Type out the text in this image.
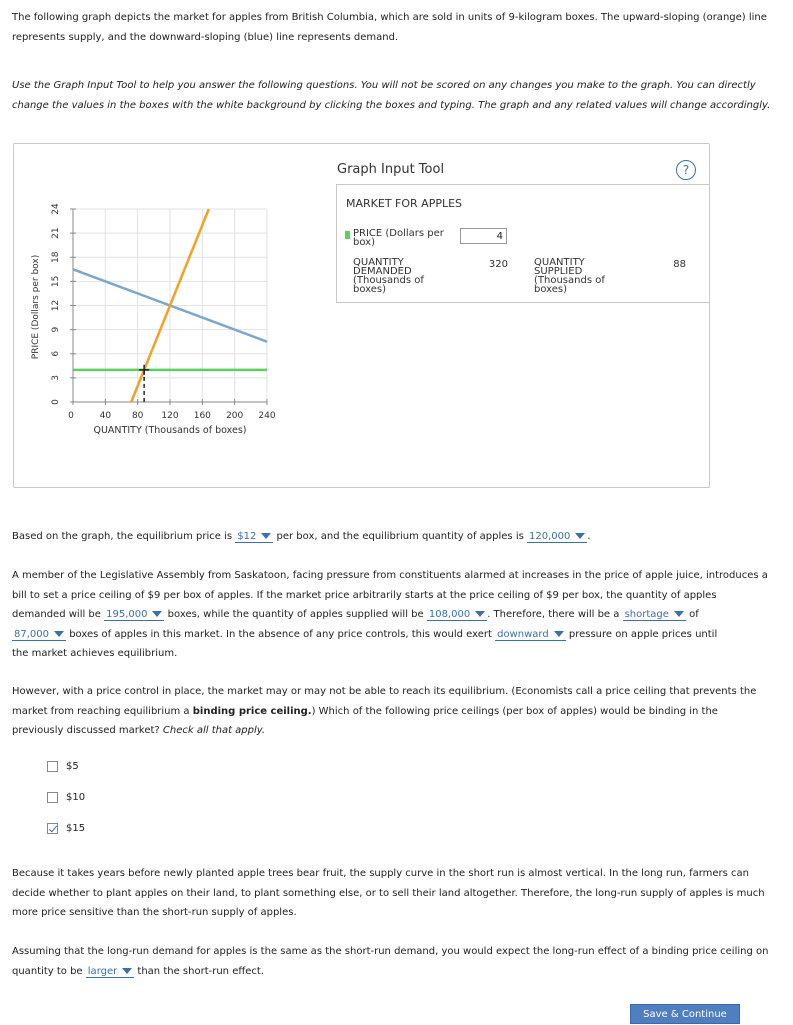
The following graph depicts the market for apples from British Columbia, which are sold in units of 9-kilogram boxes. The upward-sloping (orange) line
represents supply, and the downward-sloping (blue) line represents demand.
Use the Graph Input Tool to help you answer the following questions. You will not be scored on any changes you make to the graph. You can directly
change the values in the boxes with the white background by clicking the boxes and typing. The graph and any related values will change accordingly.
0	40 80 120 160 200 240
0
3
6
9
12
15
18
21
24
QUANTITY (Thousands of boxes)
PRICE (Dollars per box)
Graph Input Tool	?
MARKET FOR APPLES
PRICE (Dollars per
box)
4
QUANTITY
DEMANDED
(Thousands of
boxes)
320	QUANTITY
SUPPLIED
(Thousands of
boxes)
88
Based on the graph, the equilibrium price is $12 per box, and the equilibrium quantity of apples is 120,000 .
A member of the Legislative Assembly from Saskatoon, facing pressure from constituents alarmed at increases in the price of apple juice, introduces a
bill to set a price ceiling of $9 per box of apples. If the market price arbitrarily starts at the price ceiling of $9 per box, the quantity of apples
demanded will be 195,000 boxes, while the quantity of apples supplied will be 108,000 . Therefore, there will be a shortage of
87,000 boxes of apples in this market. In the absence of any price controls, this would exert downward pressure on apple prices until
the market achieves equilibrium.
However, with a price control in place, the market may or may not be able to reach its equilibrium. (Economists call a price ceiling that prevents the
market from reaching equilibrium a binding price ceiling.) Which of the following price ceilings (per box of apples) would be binding in the
previously discussed market? Check all that apply.
$5
$10
$15
Because it takes years before newly planted apple trees bear fruit, the supply curve in the short run is almost vertical. In the long run, farmers can
decide whether to plant apples on their land, to plant something else, or to sell their land altogether. Therefore, the long-run supply of apples is much
more price sensitive than the short-run supply of apples.
Assuming that the long-run demand for apples is the same as the short-run demand, you would expect the long-run effect of a binding price ceiling on
quantity to be larger than the short-run effect.
Save & Continue
